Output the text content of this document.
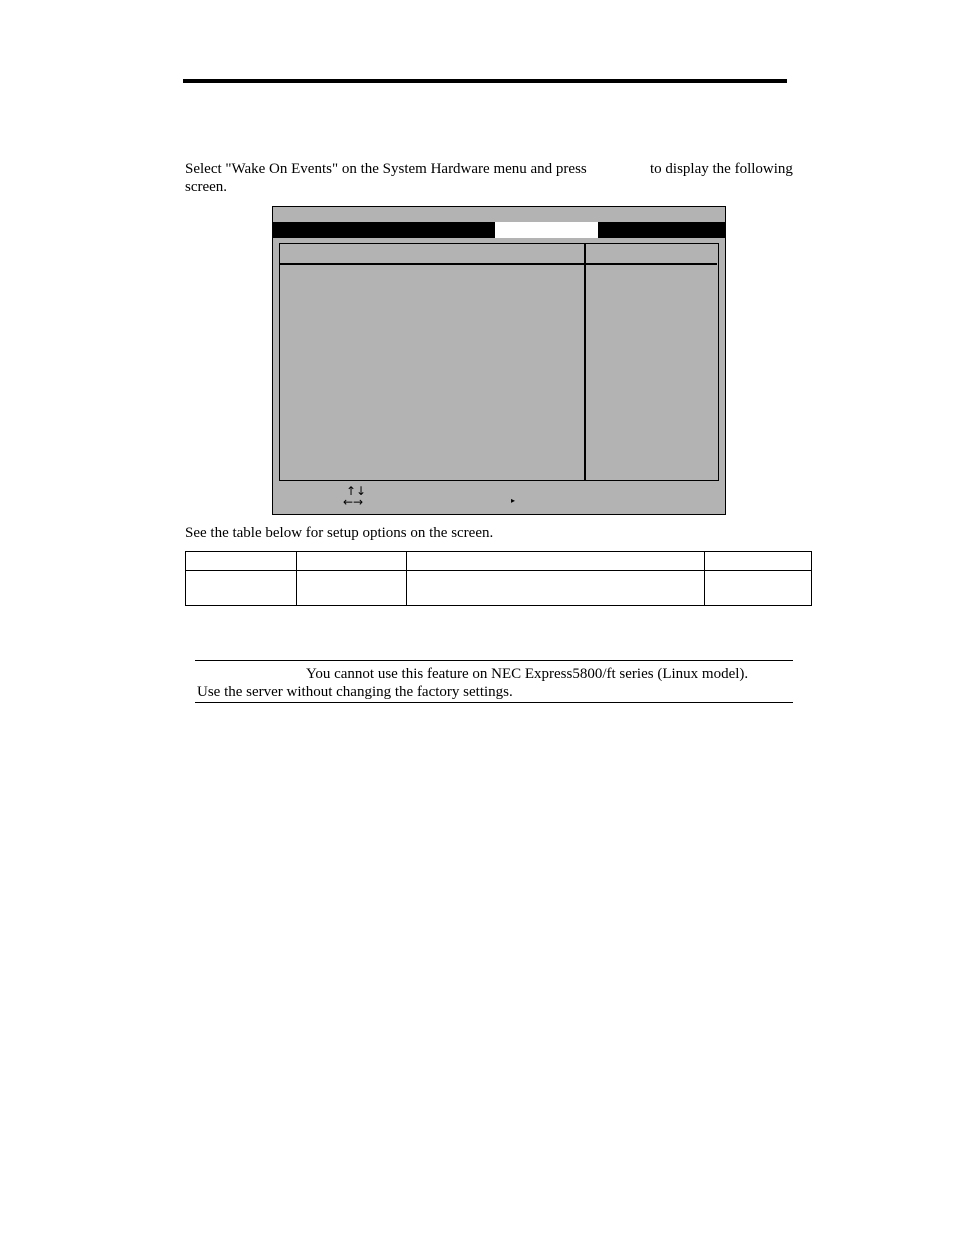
Select "Wake On Events" on the System Hardware menu and press	to display the following
screen.
↑↓
←→	▸
See the table below for setup options on the screen.

You cannot use this feature on NEC Express5800/ft series (Linux model).
Use the server without changing the factory settings.
